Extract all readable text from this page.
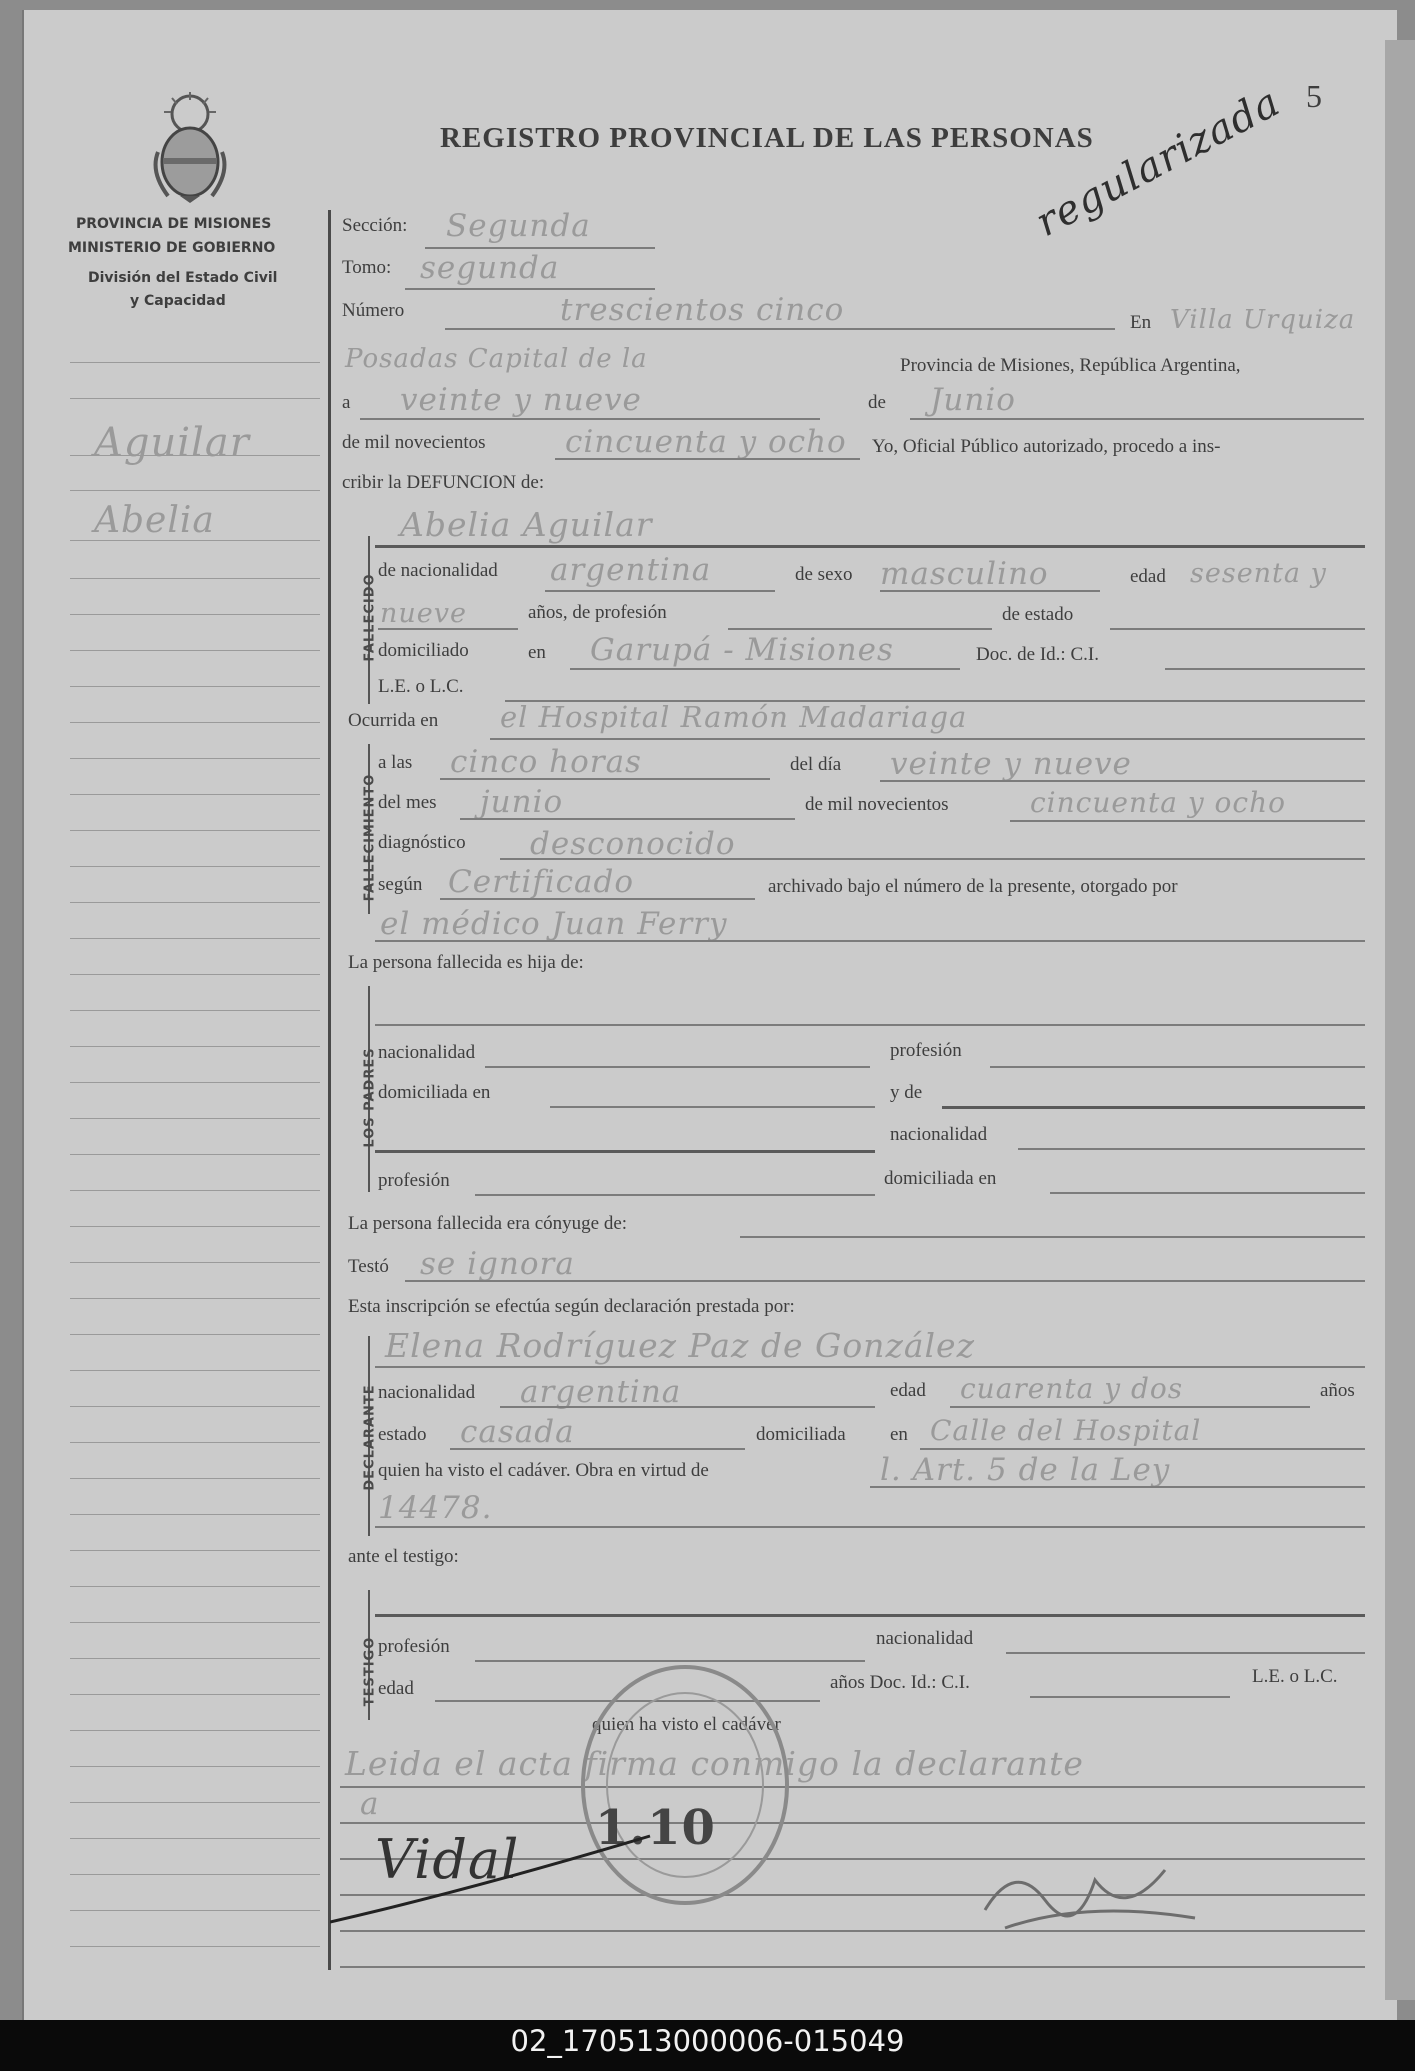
5
REGISTRO PROVINCIAL DE LAS PERSONAS
regularizada
PROVINCIA DE MISIONES
MINISTERIO DE GOBIERNO
División del Estado Civil
y Capacidad
Aguilar
Abelia
Sección: Segunda
Tomo: segunda
Número	trescientos cinco	En Villa Urquiza
Posadas Capital de la	Provincia de Misiones, República Argentina,
a veinte y nueve	de Junio
de mil novecientos	cincuenta y ocho Yo, Oficial Público autorizado, procedo a ins-
cribir la DEFUNCION de:
FALLECIDO
Abelia Aguilar
de nacionalidad argentina	de sexo masculino	edad sesenta y
nueve	años, de profesión	de estado
domiciliado	en Garupá - Misiones	Doc. de Id.: C.I.
L.E. o L.C.
Ocurrida en el Hospital Ramón Madariaga
FALLECIMIENTO
a las cinco horas	del día veinte y nueve
del mes junio	de mil novecientos	cincuenta y ocho
diagnóstico desconocido
según Certificado	archivado bajo el número de la presente, otorgado por
el médico Juan Ferry
La persona fallecida es hija de:
LOS PADRES nacionalidad	profesión
domiciliada en	y de
nacionalidad
profesión	domiciliada en
La persona fallecida era cónyuge de:
Testó se ignora
Esta inscripción se efectúa según declaración prestada por:
DECLARANTE
Elena Rodríguez Paz de González
nacionalidad argentina	edad cuarenta y dos	años
estado casada	domiciliada en Calle del Hospital
quien ha visto el cadáver. Obra en virtud de	l. Art. 5 de la Ley
14478.
ante el testigo:
TESTIGO profesión	nacionalidad
edad	años Doc. Id.: C.I.	L.E. o L.C.
quien ha visto el cadáver
Leida el acta firma conmigo la declarante
a	1.10
Vidal
02_170513000006-015049
